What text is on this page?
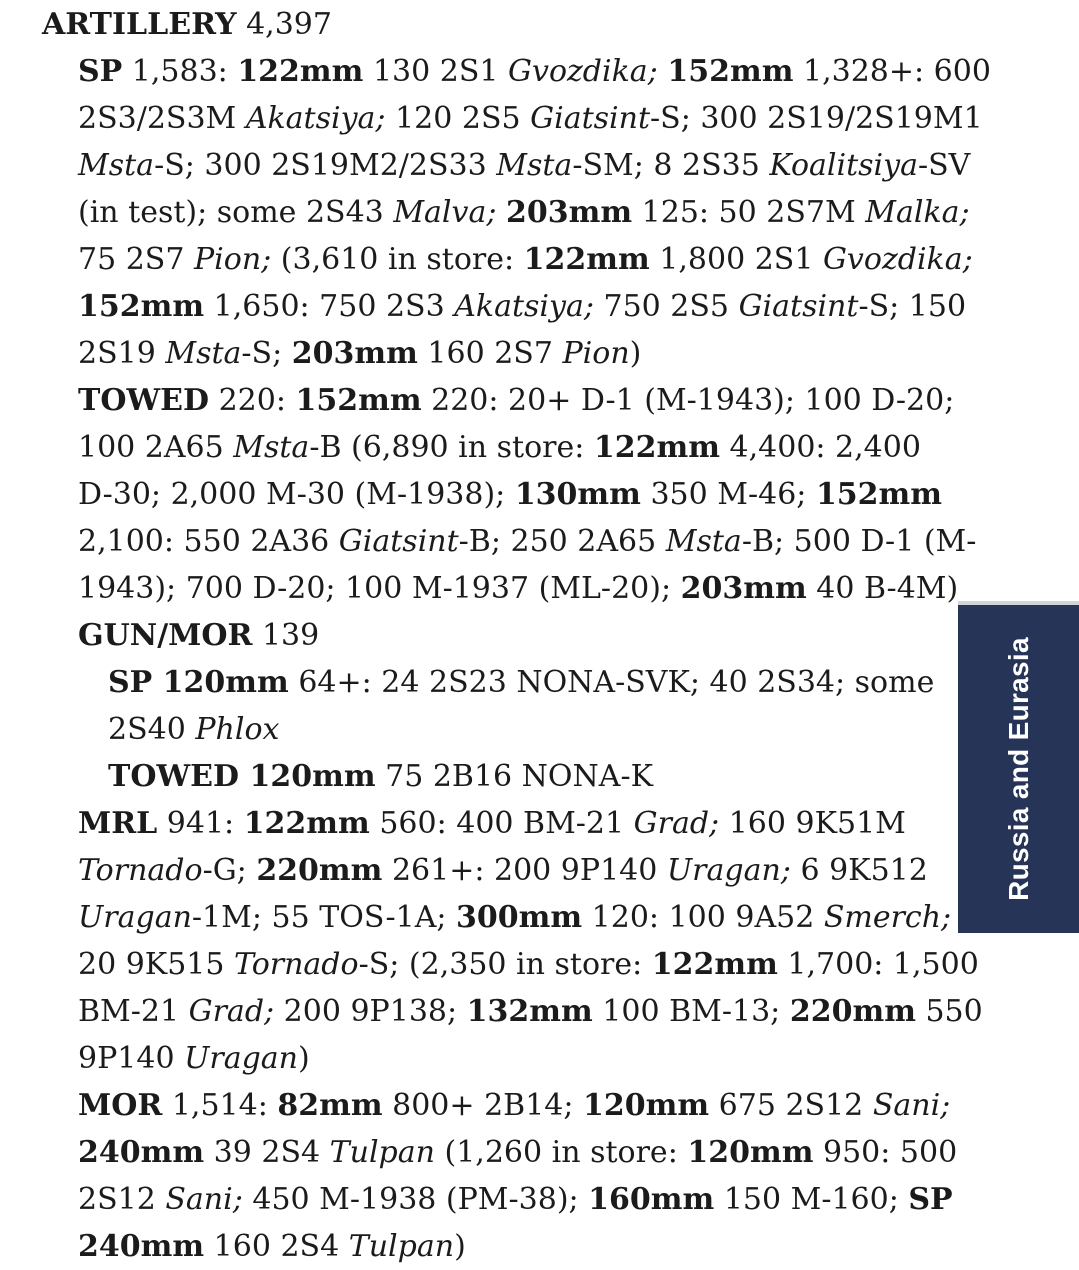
ARTILLERY 4,397
SP 1,583: 122mm 130 2S1 Gvozdika; 152mm 1,328+: 600
2S3/2S3M Akatsiya; 120 2S5 Giatsint-S; 300 2S19/2S19M1
Msta-S; 300 2S19M2/2S33 Msta-SM; 8 2S35 Koalitsiya-SV
(in test); some 2S43 Malva; 203mm 125: 50 2S7M Malka;
75 2S7 Pion; (3,610 in store: 122mm 1,800 2S1 Gvozdika;
152mm 1,650: 750 2S3 Akatsiya; 750 2S5 Giatsint-S; 150
2S19 Msta-S; 203mm 160 2S7 Pion)
TOWED 220: 152mm 220: 20+ D-1 (M-1943); 100 D-20;
100 2A65 Msta-B (6,890 in store: 122mm 4,400: 2,400
D-30; 2,000 M-30 (M-1938); 130mm 350 M-46; 152mm
2,100: 550 2A36 Giatsint-B; 250 2A65 Msta-B; 500 D-1 (M-
1943); 700 D-20; 100 M-1937 (ML-20); 203mm 40 B-4M)
GUN/MOR 139
SP 120mm 64+: 24 2S23 NONA-SVK; 40 2S34; some
2S40 Phlox
TOWED 120mm 75 2B16 NONA-K
MRL 941: 122mm 560: 400 BM-21 Grad; 160 9K51M
Tornado-G; 220mm 261+: 200 9P140 Uragan; 6 9K512
Uragan-1M; 55 TOS-1A; 300mm 120: 100 9A52 Smerch;
20 9K515 Tornado-S; (2,350 in store: 122mm 1,700: 1,500
BM-21 Grad; 200 9P138; 132mm 100 BM-13; 220mm 550
9P140 Uragan)
MOR 1,514: 82mm 800+ 2B14; 120mm 675 2S12 Sani;
240mm 39 2S4 Tulpan (1,260 in store: 120mm 950: 500
2S12 Sani; 450 M-1938 (PM-38); 160mm 150 M-160; SP
240mm 160 2S4 Tulpan)
Russia and Eurasia
